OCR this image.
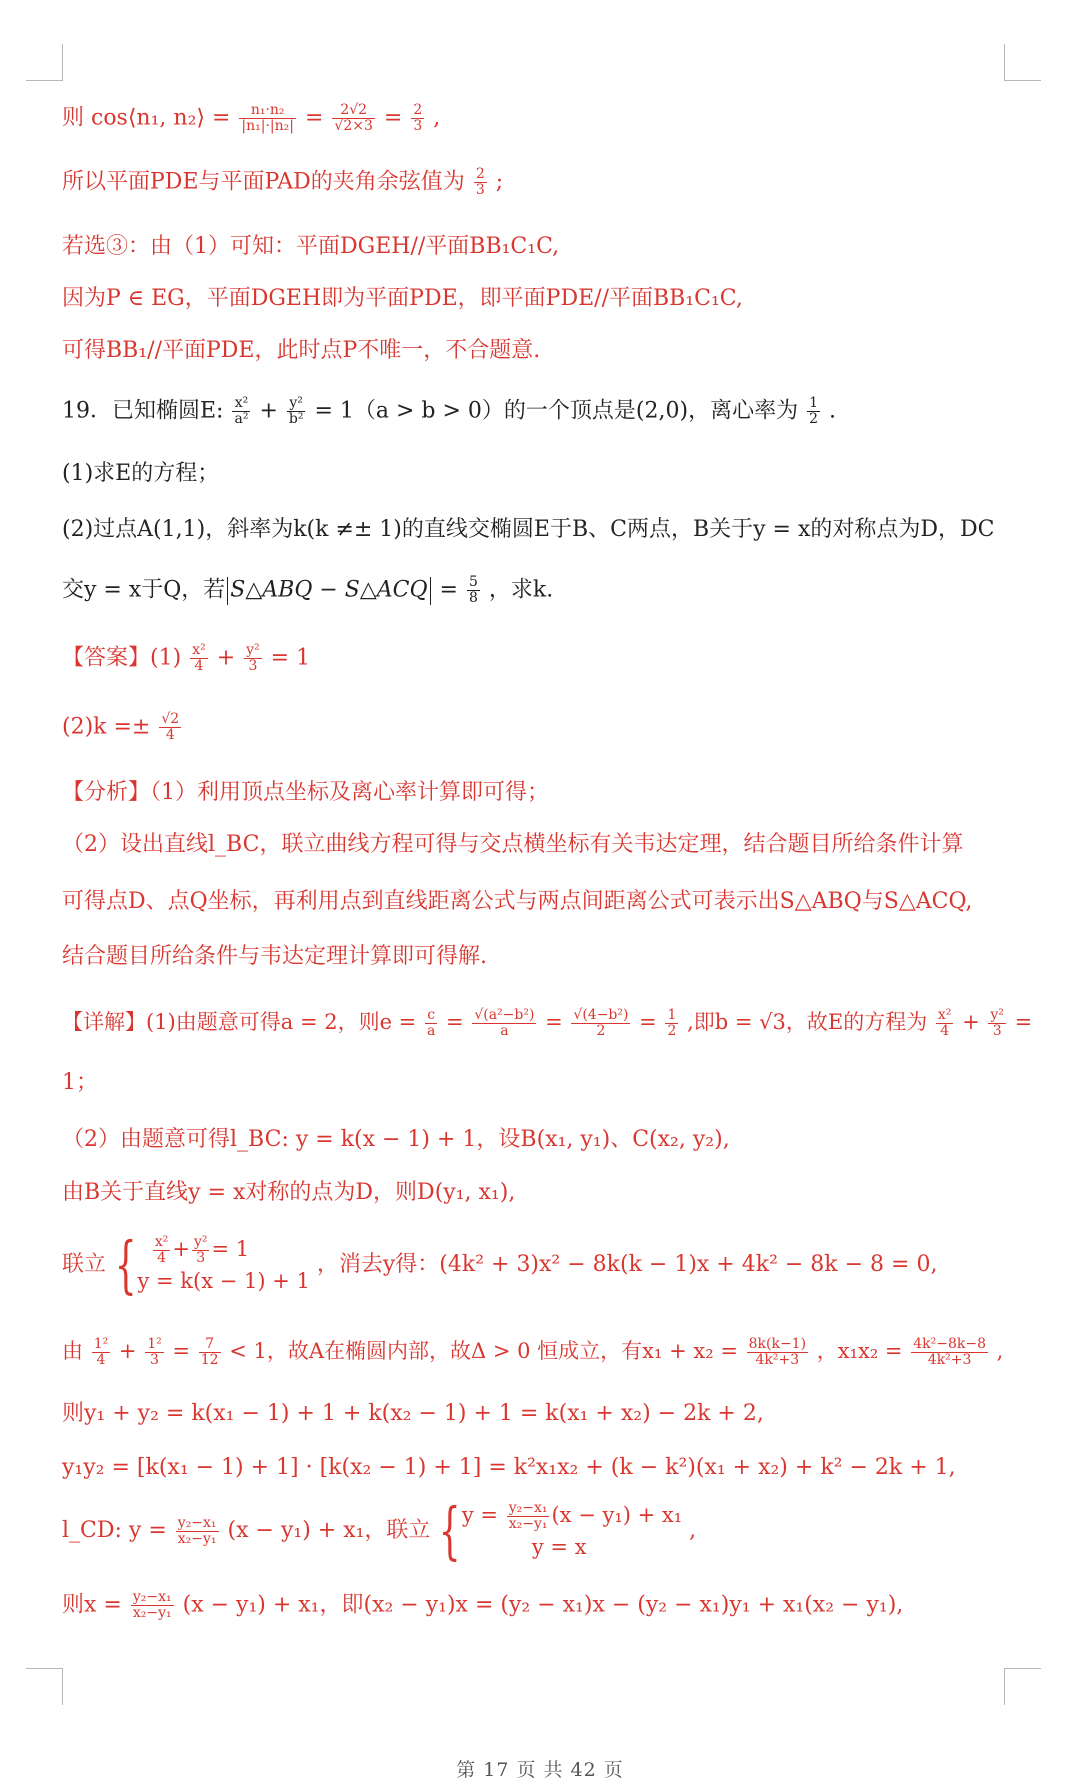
则 cos⟨n₁, n₂⟩ = $\frac{\text{n₁·n₂}}{\text{|n₁|·|n₂|}} = \frac{2√2}{√2\times 3} = \frac{2}{3}$ ,
所以平面PDE与平面PAD的夹角余弦值为 $\frac{2}{3}$ ;
若选③：由（1）可知：平面DGEH//平面BB₁C₁C,
因为P ∈ EG，平面DGEH即为平面PDE，即平面PDE//平面BB₁C₁C,
可得BB₁//平面PDE，此时点P不唯一，不合题意.
19．已知椭圆E: $\frac{\text{x²}}{\text{a²}} + \frac{\text{y²}}{\text{b²}} = 1(a > b > 0)$的一个顶点是(2,0)，离心率为 $\frac{1}{2}$ .
(1)求E的方程；
(2)过点A(1,1)，斜率为k(k ≠± 1)的直线交椭圆E于B、C两点，B关于y = x的对称点为D，DC
交y = x于Q，若 S△ABQ − S△ACQ = $\frac{5}{8}$ ，求k.
【答案】$(1) \frac{\text{x²}}{4} + \frac{\text{y²}}{3} = 1$
$(2)k =\pm \frac{√2}{4}$
【分析】（1）利用顶点坐标及离心率计算即可得；
（2）设出直线l_BC，联立曲线方程可得与交点横坐标有关韦达定理，结合题目所给条件计算
可得点D、点Q坐标，再利用点到直线距离公式与两点间距离公式可表示出S△ABQ与S△ACQ,
结合题目所给条件与韦达定理计算即可得解.
【详解】(1)由题意可得a = 2，则$e = \frac{c}{a} = \frac{\text{√(a²−b²)}}{a} = \frac{\text{√(4−b²)}}{2} = \frac{1}{2}$ ,即b = √3，故E的方程为 $\frac{\text{x²}}{4} + \frac{\text{y²}}{3}$ =
1；
（2）由题意可得l_BC: y = k(x − 1) + 1，设B(x₁, y₁)、C(x₂, y₂),
由B关于直线y = x对称的点为D，则D(y₁, x₁),
联立 {
$\frac{\text{x²}}{4} + \frac{\text{y²}}{3} = 1$
y = k(x − 1) + 1
，消去y得：(4k² + 3)x² − 8k(k − 1)x + 4k² − 8k − 8 = 0,
由 $\frac{\text{1²}}{4} + \frac{\text{1²}}{3} = \frac{7}{12} < 1$，故A在椭圆内部，故Δ > 0 恒成立，有$x_1 + x_2 = \frac{8k(k-1)}{\text{4k²+3}}$ ，$x_1x_2 = \frac{\text{4k²−8k−8}}{\text{4k²+3}}$ ,
则y₁ + y₂ = k(x₁ − 1) + 1 + k(x₂ − 1) + 1 = k(x₁ + x₂) − 2k + 2,
y₁y₂ = [k(x₁ − 1) + 1] · [k(x₂ − 1) + 1] = k²x₁x₂ + (k − k²)(x₁ + x₂) + k² − 2k + 1,
l_CD: $y = \frac{\text{y₂−x₁}}{\text{x₂−y₁}} (x - y_1) + x_1$，联立 { $y = \frac{\text{y₂−x₁}}{\text{x₂−y₁}} (x - y_1) + x_1$
y = x
,
则$x = \frac{\text{y₂−x₁}}{\text{x₂−y₁}} (x - y_1) + x_1$，即(x₂ − y₁)x = (y₂ − x₁)x − (y₂ − x₁)y₁ + x₁(x₂ − y₁),
第 17 页 共 42 页
